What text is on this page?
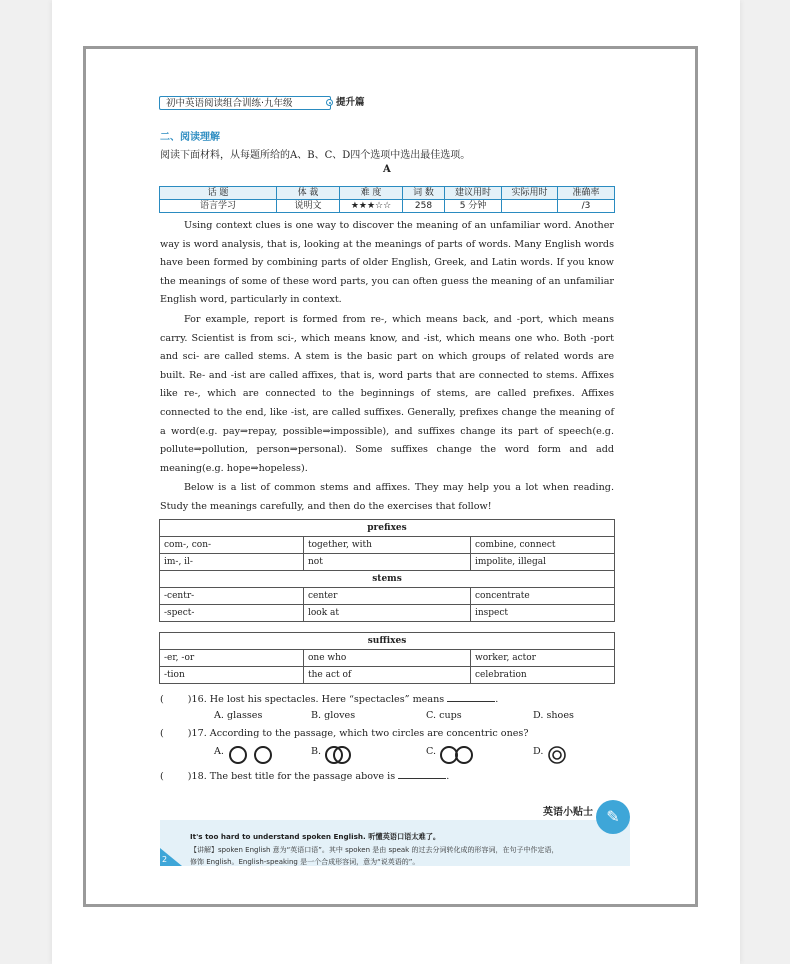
初中英语阅读组合训练·九年级	提升篇
二、阅读理解
阅读下面材料，从每题所给的A、B、C、D四个选项中选出最佳选项。
A
话 题	体 裁	难 度	词 数	建议用时	实际用时	准确率
语言学习	说明文	★★★☆☆	258	5 分钟		/3
Using context clues is one way to discover the meaning of an unfamiliar word. Another way is word analysis, that is, looking at the meanings of parts of words. Many English words have been formed by combining parts of older English, Greek, and Latin words. If you know the meanings of some of these word parts, you can often guess the meaning of an unfamiliar English word, particularly in context.
For example, report is formed from re-, which means back, and -port, which means carry. Scientist is from sci-, which means know, and -ist, which means one who. Both -port and sci- are called stems. A stem is the basic part on which groups of related words are built. Re- and -ist are called affixes, that is, word parts that are connected to stems. Affixes like re-, which are connected to the beginnings of stems, are called prefixes. Affixes connected to the end, like -ist, are called suffixes. Generally, prefixes change the meaning of a word(e.g. pay⇒repay, possible⇒impossible), and suffixes change its part of speech(e.g. pollute⇒pollution, person⇒personal). Some suffixes change the word form and add meaning(e.g. hope⇒hopeless).
Below is a list of common stems and affixes. They may help you a lot when reading. Study the meanings carefully, and then do the exercises that follow!
prefixes		
com-, con-	together, with	combine, connect
im-, il-	not	impolite, illegal
stems		
-centr-	center	concentrate
-spect-	look at	inspect
suffixes		
-er, -or	one who	worker, actor
-tion	the act of	celebration
(	)16. He lost his spectacles. Here “spectacles” means	.
A. glasses	B. gloves	C. cups	D. shoes
(	)17. According to the passage, which two circles are concentric ones?
A.	B.	C.	D.
(	)18. The best title for the passage above is	.
英语小贴士 ✎
It's too hard to understand spoken English. 听懂英语口语太难了。
【讲解】spoken English 意为“英语口语”。其中 spoken 是由 speak 的过去分词转化成的形容词，在句子中作定语，
修饰 English。English-speaking 是一个合成形容词，意为“说英语的”。
2
